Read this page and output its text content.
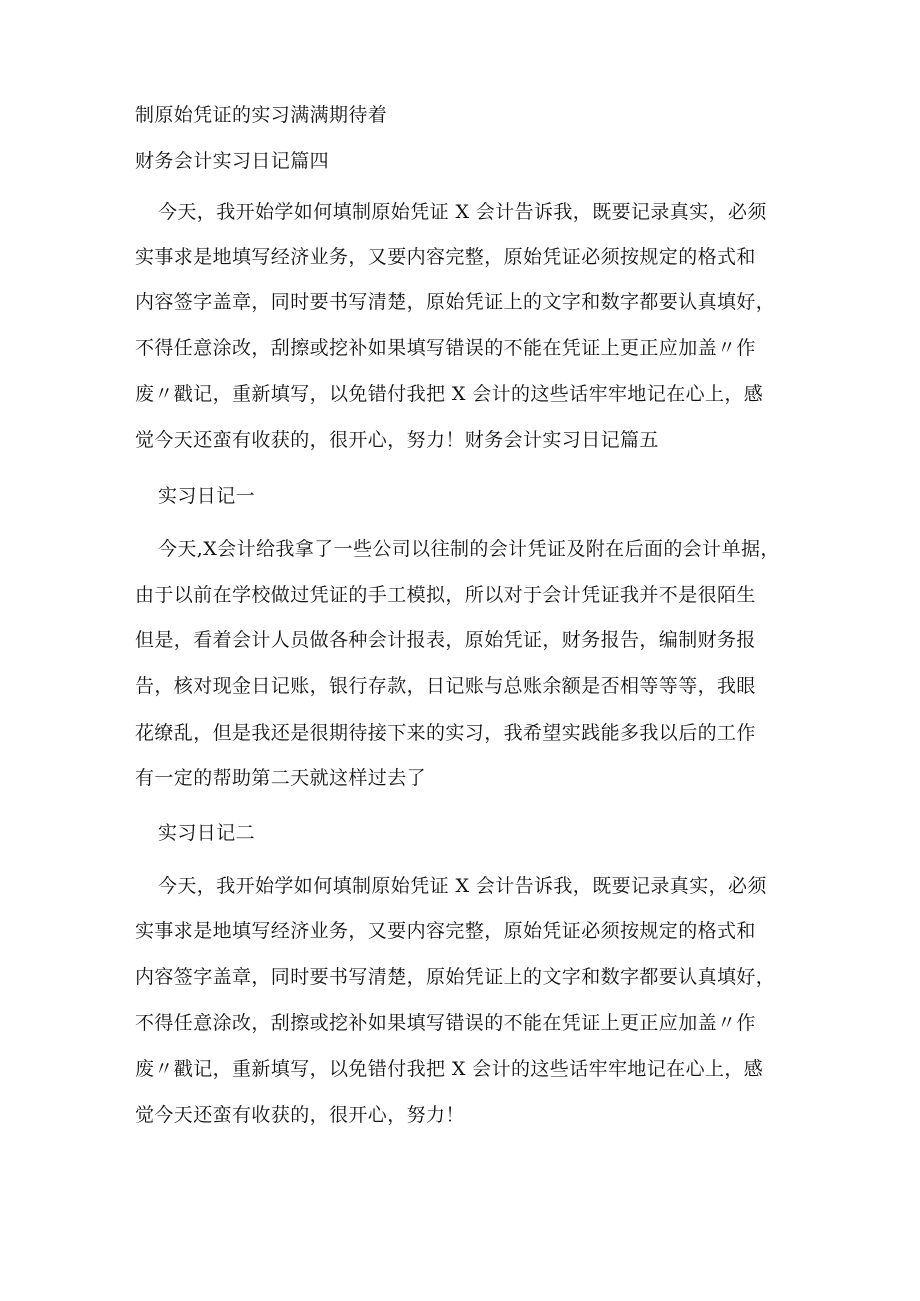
制原始凭证的实习满满期待着
财务会计实习日记篇四
今天，我开始学如何填制原始凭证 X 会计告诉我，既要记录真实，必须
实事求是地填写经济业务，又要内容完整，原始凭证必须按规定的格式和
内容签字盖章，同时要书写清楚，原始凭证上的文字和数字都要认真填好，
不得任意涂改，刮擦或挖补如果填写错误的不能在凭证上更正应加盖〃作
废〃戳记，重新填写，以免错付我把 X 会计的这些话牢牢地记在心上，感
觉今天还蛮有收获的，很开心，努力！财务会计实习日记篇五
实习日记一
今天,X会计给我拿了一些公司以往制的会计凭证及附在后面的会计单据，
由于以前在学校做过凭证的手工模拟，所以对于会计凭证我并不是很陌生
但是，看着会计人员做各种会计报表，原始凭证，财务报告，编制财务报
告，核对现金日记账，银行存款，日记账与总账余额是否相等等等，我眼
花缭乱，但是我还是很期待接下来的实习，我希望实践能多我以后的工作
有一定的帮助第二天就这样过去了
实习日记二
今天，我开始学如何填制原始凭证 X 会计告诉我，既要记录真实，必须
实事求是地填写经济业务，又要内容完整，原始凭证必须按规定的格式和
内容签字盖章，同时要书写清楚，原始凭证上的文字和数字都要认真填好，
不得任意涂改，刮擦或挖补如果填写错误的不能在凭证上更正应加盖〃作
废〃戳记，重新填写，以免错付我把 X 会计的这些话牢牢地记在心上，感
觉今天还蛮有收获的，很开心，努力！
